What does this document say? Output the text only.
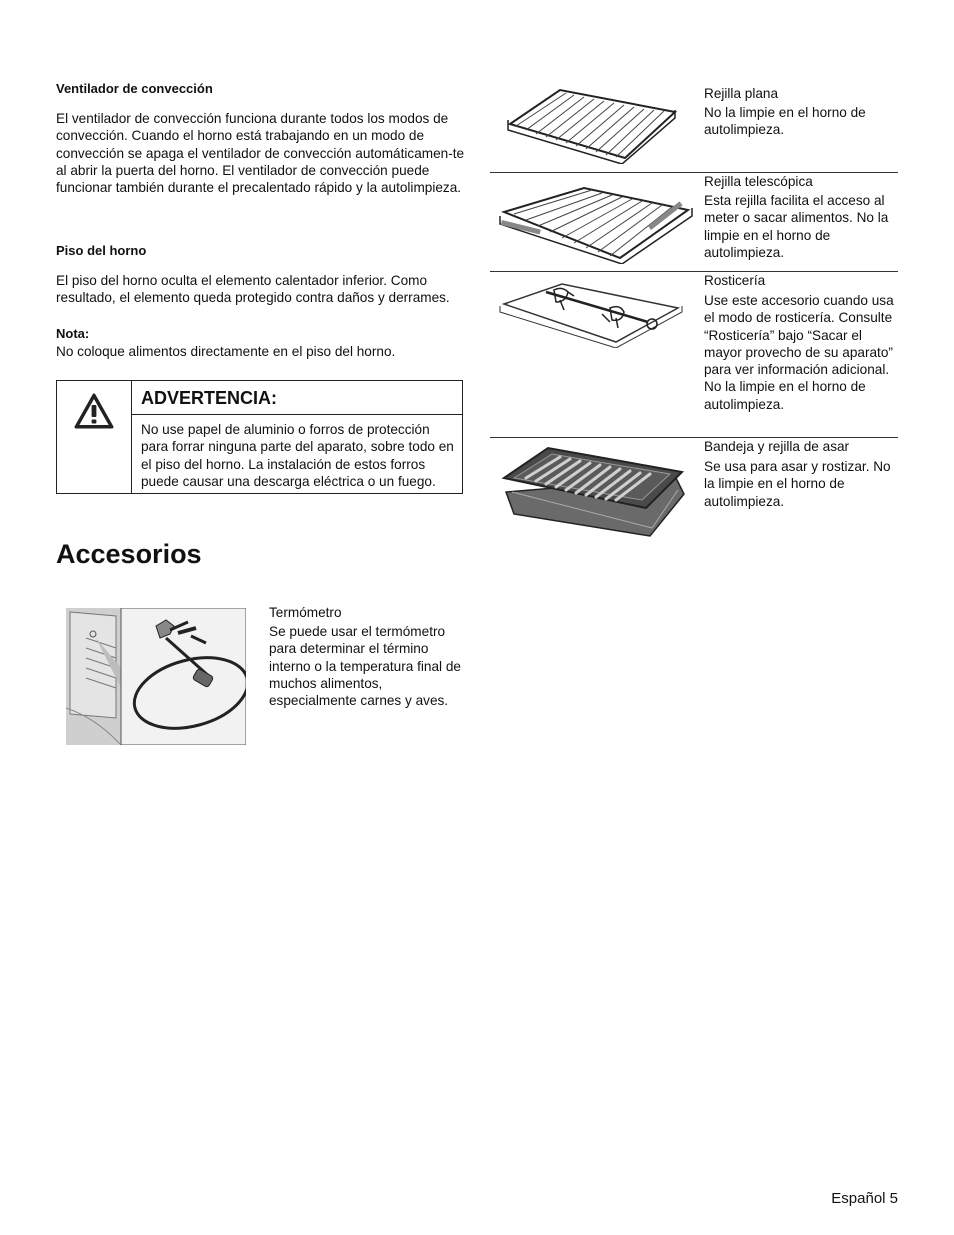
Ventilador de convección

El ventilador de convección funciona durante todos los modos de convección. Cuando el horno está trabajando en un modo de convección se apaga el ventilador de convección automáticamen-te al abrir la puerta del horno. El ventilador de convección puede funcionar también durante el precalentado rápido y la autolimpieza.

Piso del horno
El piso del horno oculta el elemento calentador inferior. Como resultado, el elemento queda protegido contra daños y derrames.
Nota:
No coloque alimentos directamente en el piso del horno.
ADVERTENCIA:
No use papel de aluminio o forros de protección para forrar ninguna parte del aparato, sobre todo en el piso del horno. La instalación de estos forros puede causar una descarga eléctrica o un fuego.
Accesorios
Termómetro
Se puede usar el termómetro para determinar el término interno o la temperatura final de muchos alimentos, especialmente carnes y aves.
Rejilla plana
No la limpie en el horno de autolimpieza.
Rejilla telescópica
Esta rejilla facilita el acceso al meter o sacar alimentos. No la limpie en el horno de autolimpieza.
Rosticería
Use este accesorio cuando usa el modo de rosticería. Consulte “Rosticería” bajo “Sacar el mayor provecho de su aparato” para ver información adicional. No la limpie en el horno de autolimpieza.
Bandeja y rejilla de asar
Se usa para asar y rostizar. No la limpie en el horno de autolimpieza.
Español 5
